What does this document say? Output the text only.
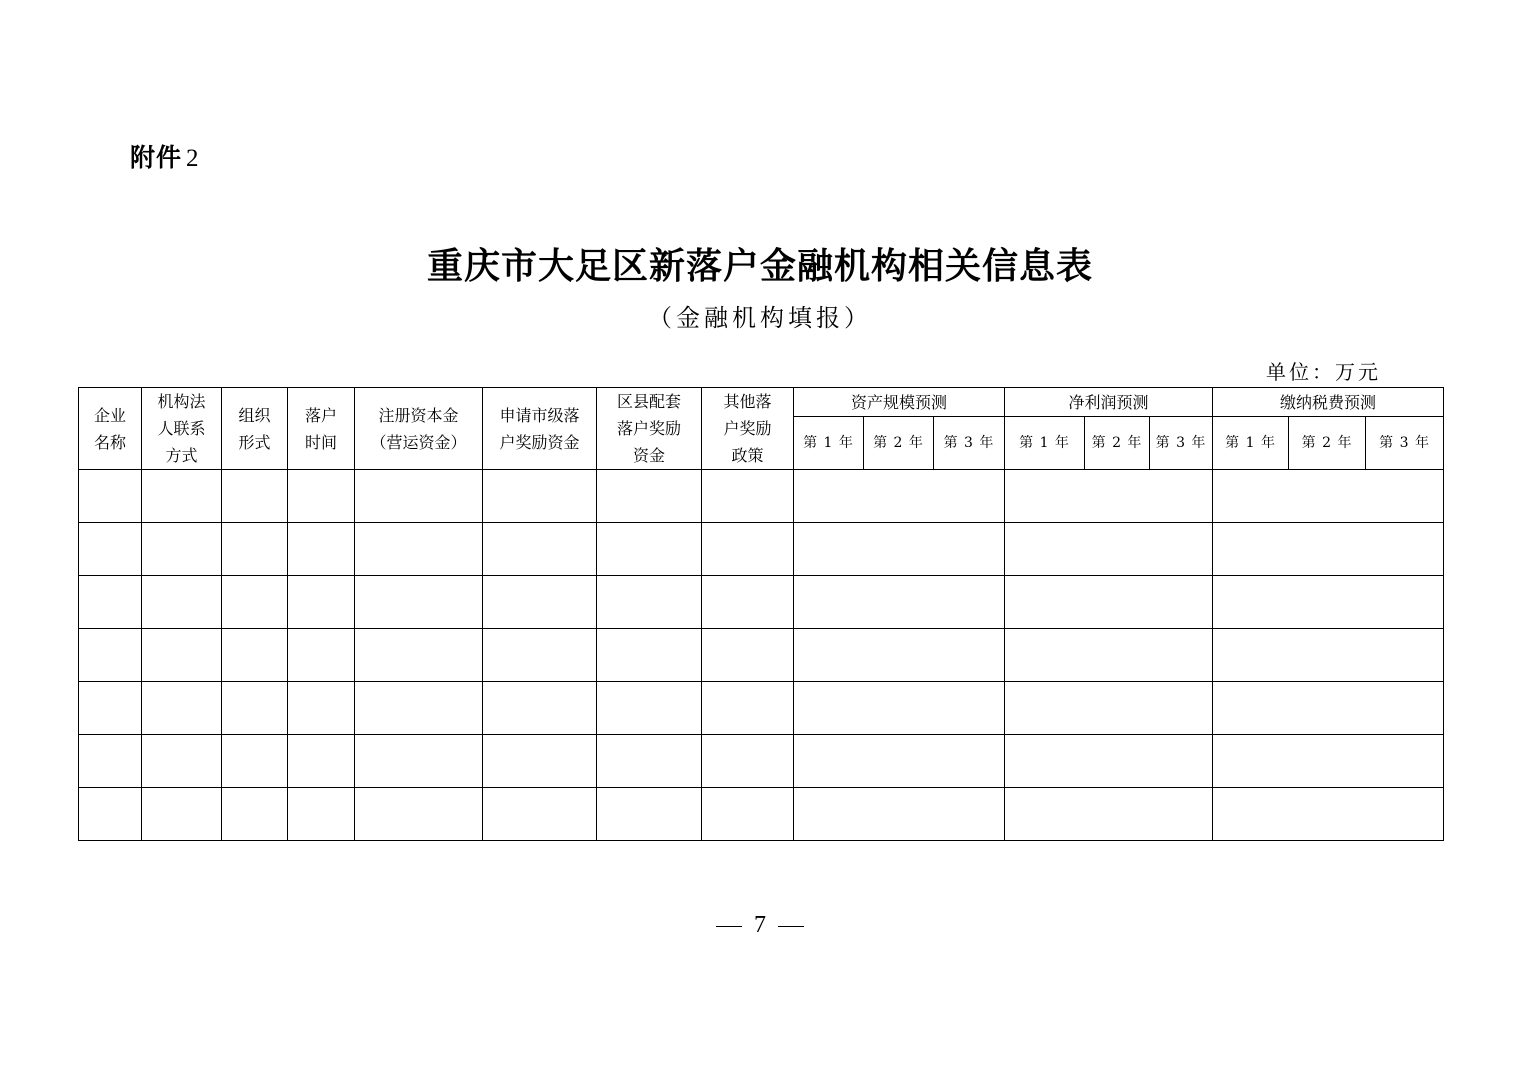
附件 2
重庆市大足区新落户金融机构相关信息表
（金融机构填报）
单位：万元
企业
名称	机构法
人联系
方式	组织
形式	落户
时间	注册资本金
（营运资金）	申请市级落
户奖励资金	区县配套
落户奖励
资金	其他落
户奖励
政策	资产规模预测			净利润预测			缴纳税费预测		
								第 1 年	第 2 年	第 3 年	第 1 年	第 2 年	第 3 年	第 1 年	第 2 年	第 3 年

7
